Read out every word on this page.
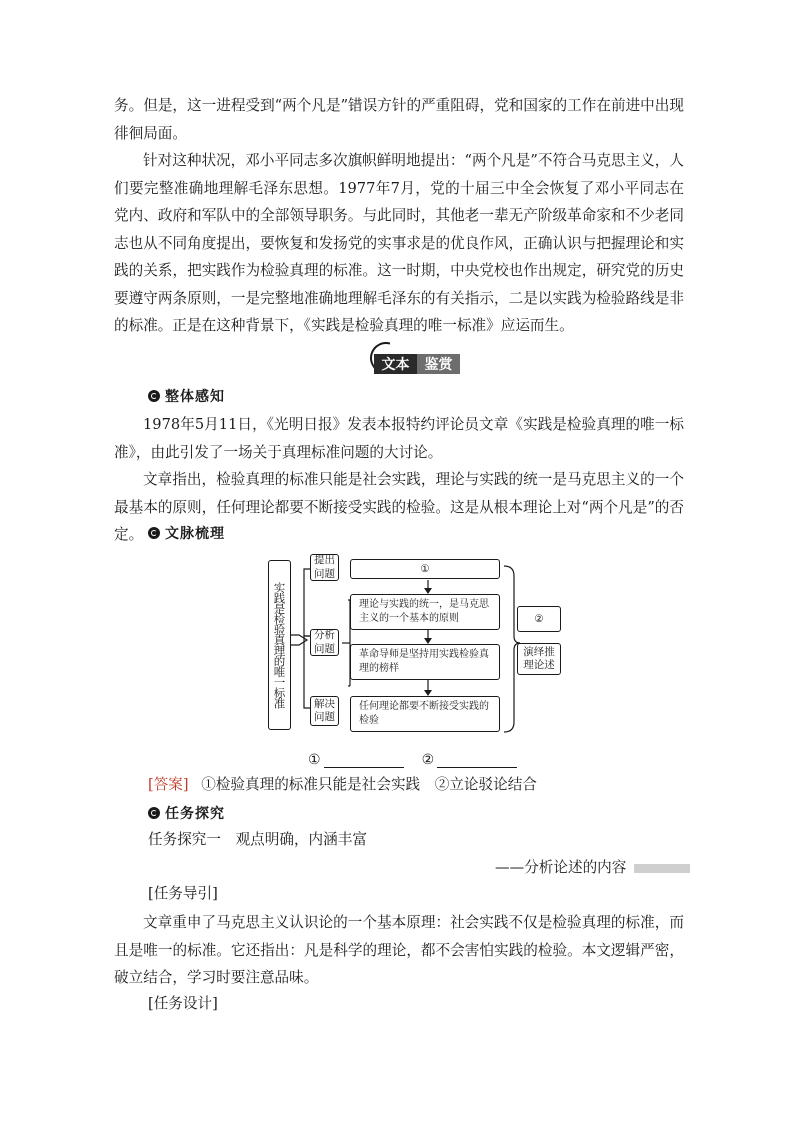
务。但是，这一进程受到“两个凡是”错误方针的严重阻碍，党和国家的工作在前进中出现徘徊局面。

针对这种状况，邓小平同志多次旗帜鲜明地提出：“两个凡是”不符合马克思主义，人们要完整准确地理解毛泽东思想。1977年7月，党的十届三中全会恢复了邓小平同志在党内、政府和军队中的全部领导职务。与此同时，其他老一辈无产阶级革命家和不少老同志也从不同角度提出，要恢复和发扬党的实事求是的优良作风，正确认识与把握理论和实践的关系，把实践作为检验真理的标准。这一时期，中央党校也作出规定，研究党的历史要遵守两条原则，一是完整地准确地理解毛泽东的有关指示，二是以实践为检验路线是非的标准。正是在这种背景下，《实践是检验真理的唯一标准》应运而生。

文本	鉴赏
整体感知

1978年5月11日，《光明日报》发表本报特约评论员文章《实践是检验真理的唯一标准》，由此引发了一场关于真理标准问题的大讨论。

文章指出，检验真理的标准只能是社会实践，理论与实践的统一是马克思主义的一个最基本的原则，任何理论都要不断接受实践的检验。这是从根本理论上对“两个凡是”的否定。	文脉梳理
实践是检验真理的唯一标准
提出问题
分析问题
解决问题
①
理论与实践的统一，是马克思主义的一个基本的原则
革命导师是坚持用实践检验真理的榜样
任何理论都要不断接受实践的检验
②
演绎推理论述
①	②
[答案] ①检验真理的标准只能是社会实践　②立论驳论结合
任务探究

任务探究一　观点明确，内涵丰富

——分析论述的内容

[任务导引]

文章重申了马克思主义认识论的一个基本原理：社会实践不仅是检验真理的标准，而且是唯一的标准。它还指出：凡是科学的理论，都不会害怕实践的检验。本文逻辑严密，破立结合，学习时要注意品味。

[任务设计]
